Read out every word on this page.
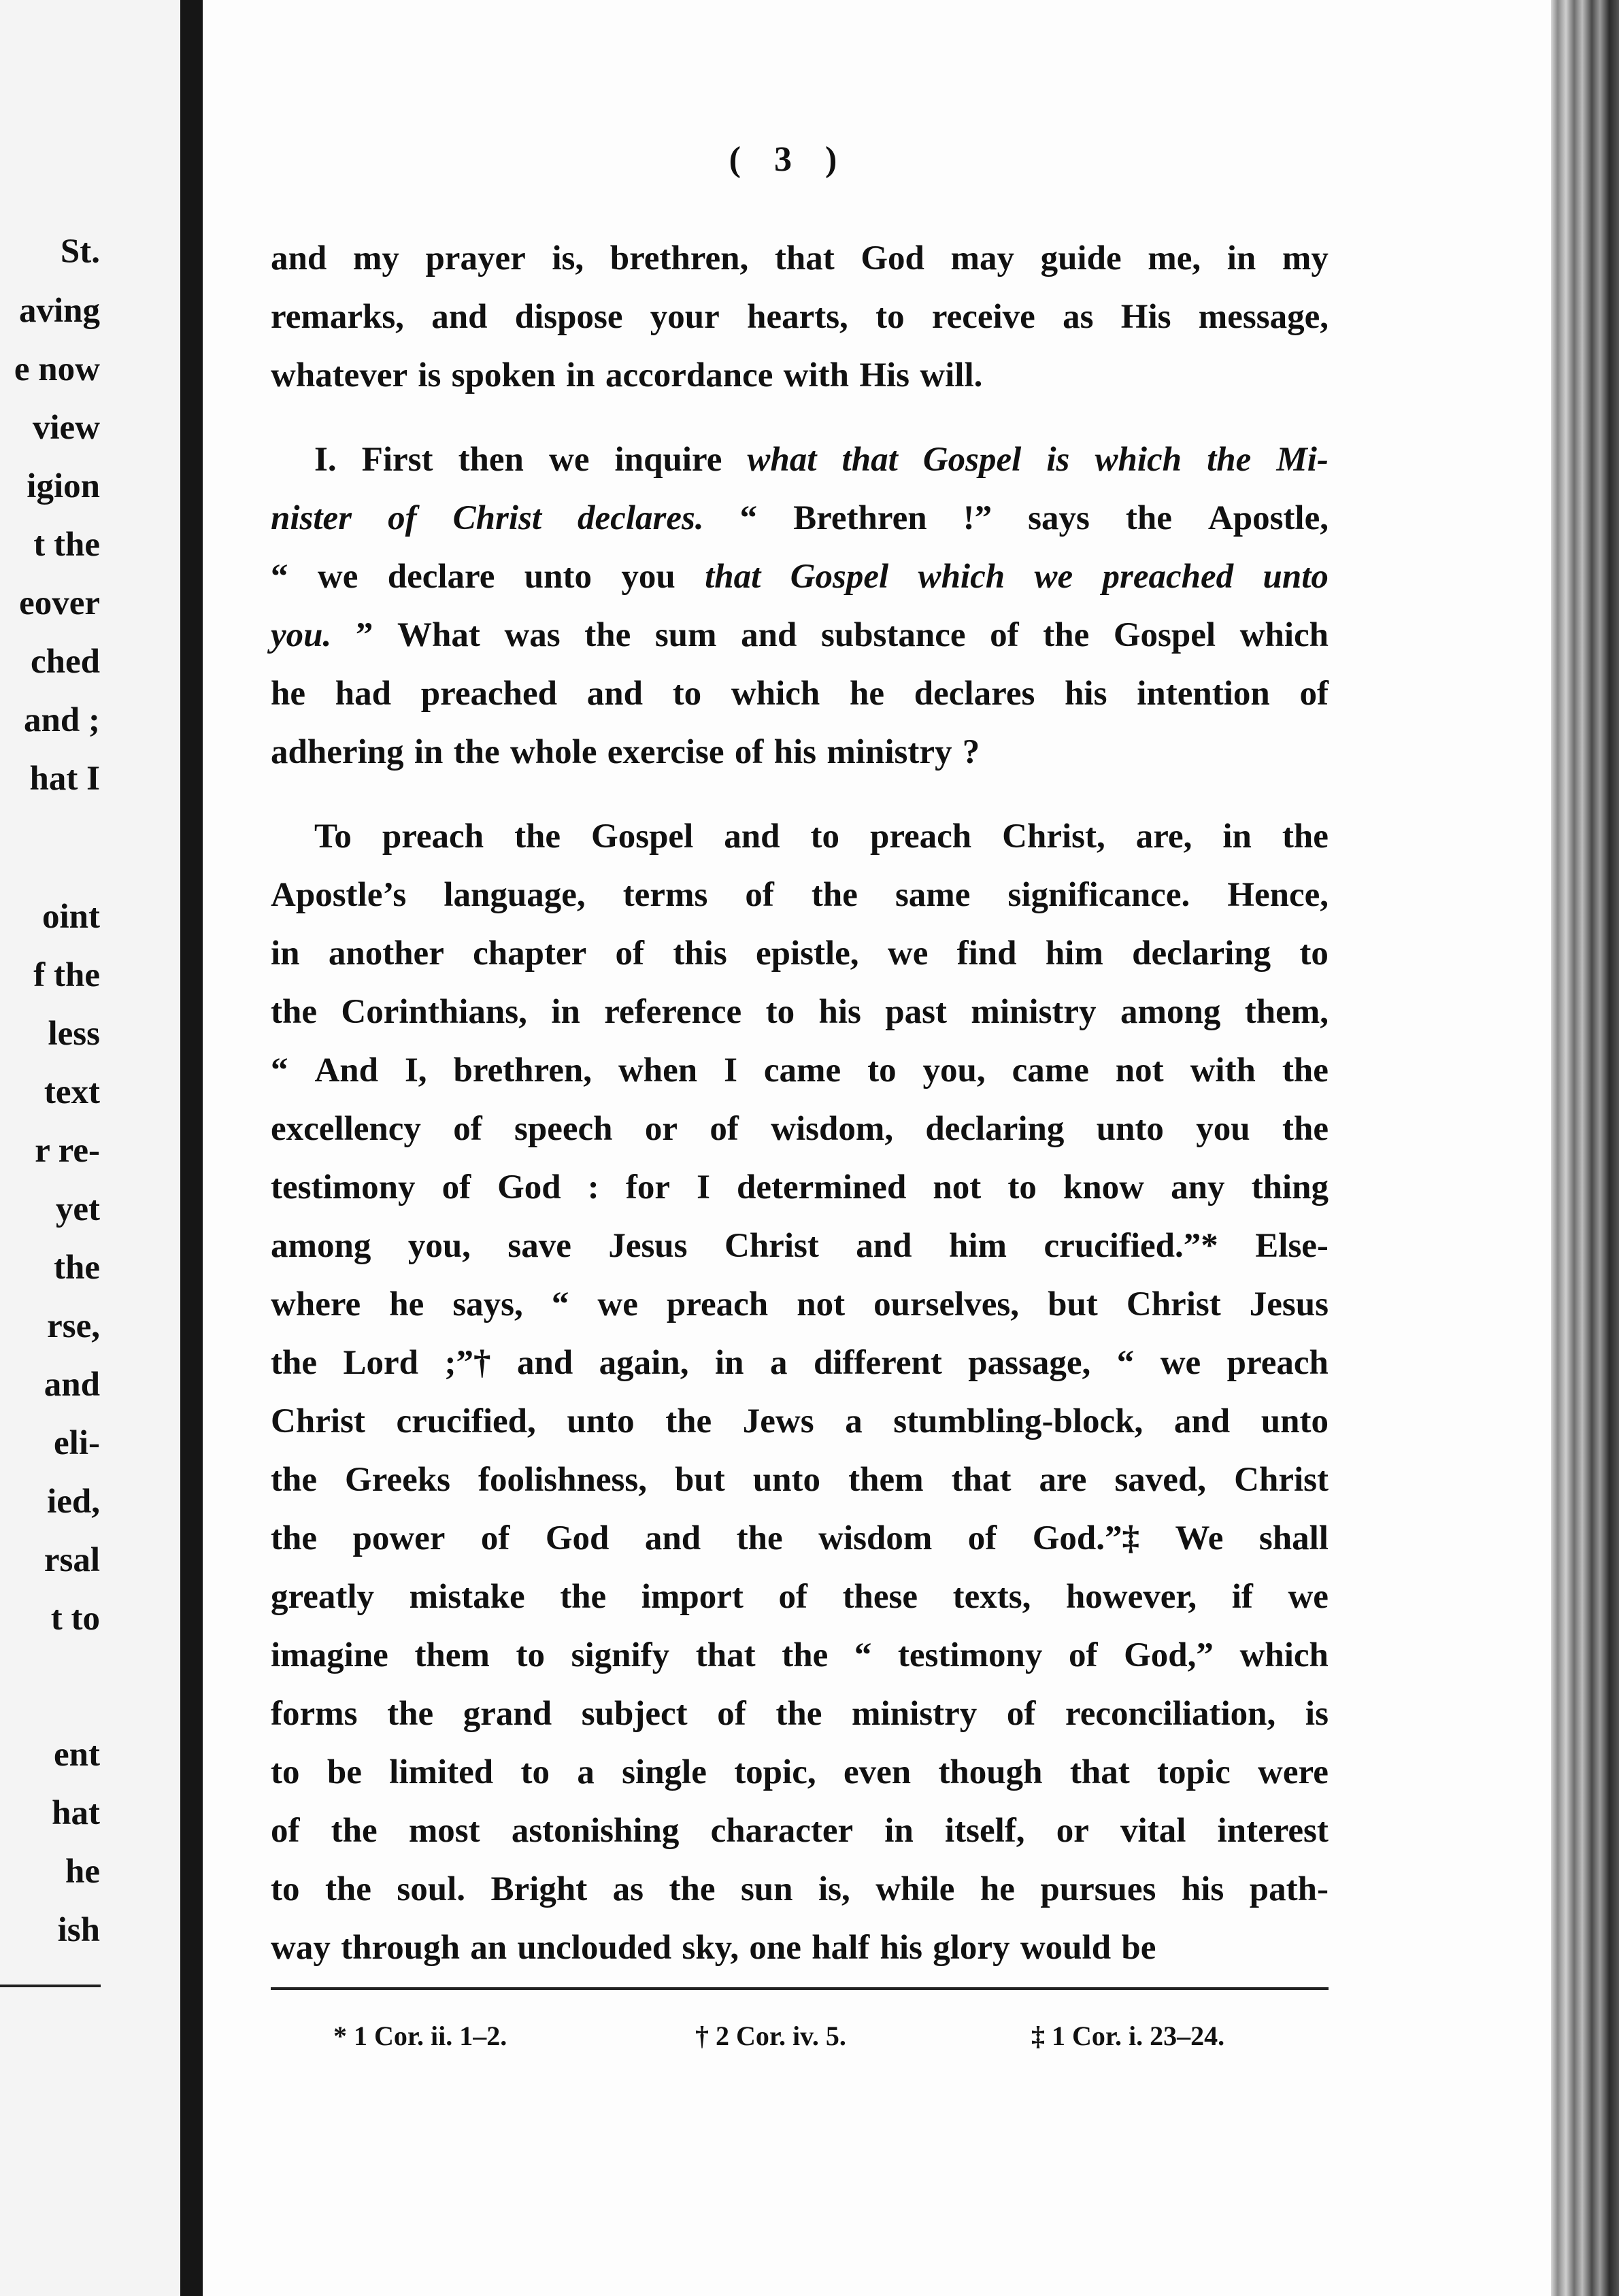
St.
aving
e now
view
igion
t the
eover
ched
and ;
hat I
oint
f the
less
text
r re-
yet
the
rse,
and
eli-
ied,
rsal
t to
ent
hat
he
ish
( 3 )
and my prayer is, brethren, that God may guide me, in my
remarks, and dispose your hearts, to receive as His message,
whatever is spoken in accordance with His will.
I. First then we inquire what that Gospel is which the Mi-
nister of Christ declares. “ Brethren !” says the Apostle,
“ we declare unto you that Gospel which we preached unto
you. ” What was the sum and substance of the Gospel which
he had preached and to which he declares his intention of
adhering in the whole exercise of his ministry ?
To preach the Gospel and to preach Christ, are, in the
Apostle’s language, terms of the same significance. Hence,
in another chapter of this epistle, we find him declaring to
the Corinthians, in reference to his past ministry among them,
“ And I, brethren, when I came to you, came not with the
excellency of speech or of wisdom, declaring unto you the
testimony of God : for I determined not to know any thing
among you, save Jesus Christ and him crucified.”* Else-
where he says, “ we preach not ourselves, but Christ Jesus
the Lord ;”† and again, in a different passage, “ we preach
Christ crucified, unto the Jews a stumbling-block, and unto
the Greeks foolishness, but unto them that are saved, Christ
the power of God and the wisdom of God.”‡ We shall
greatly mistake the import of these texts, however, if we
imagine them to signify that the “ testimony of God,” which
forms the grand subject of the ministry of reconciliation, is
to be limited to a single topic, even though that topic were
of the most astonishing character in itself, or vital interest
to the soul. Bright as the sun is, while he pursues his path-
way through an unclouded sky, one half his glory would be
* 1 Cor. ii. 1–2.	† 2 Cor. iv. 5.	‡ 1 Cor. i. 23–24.
